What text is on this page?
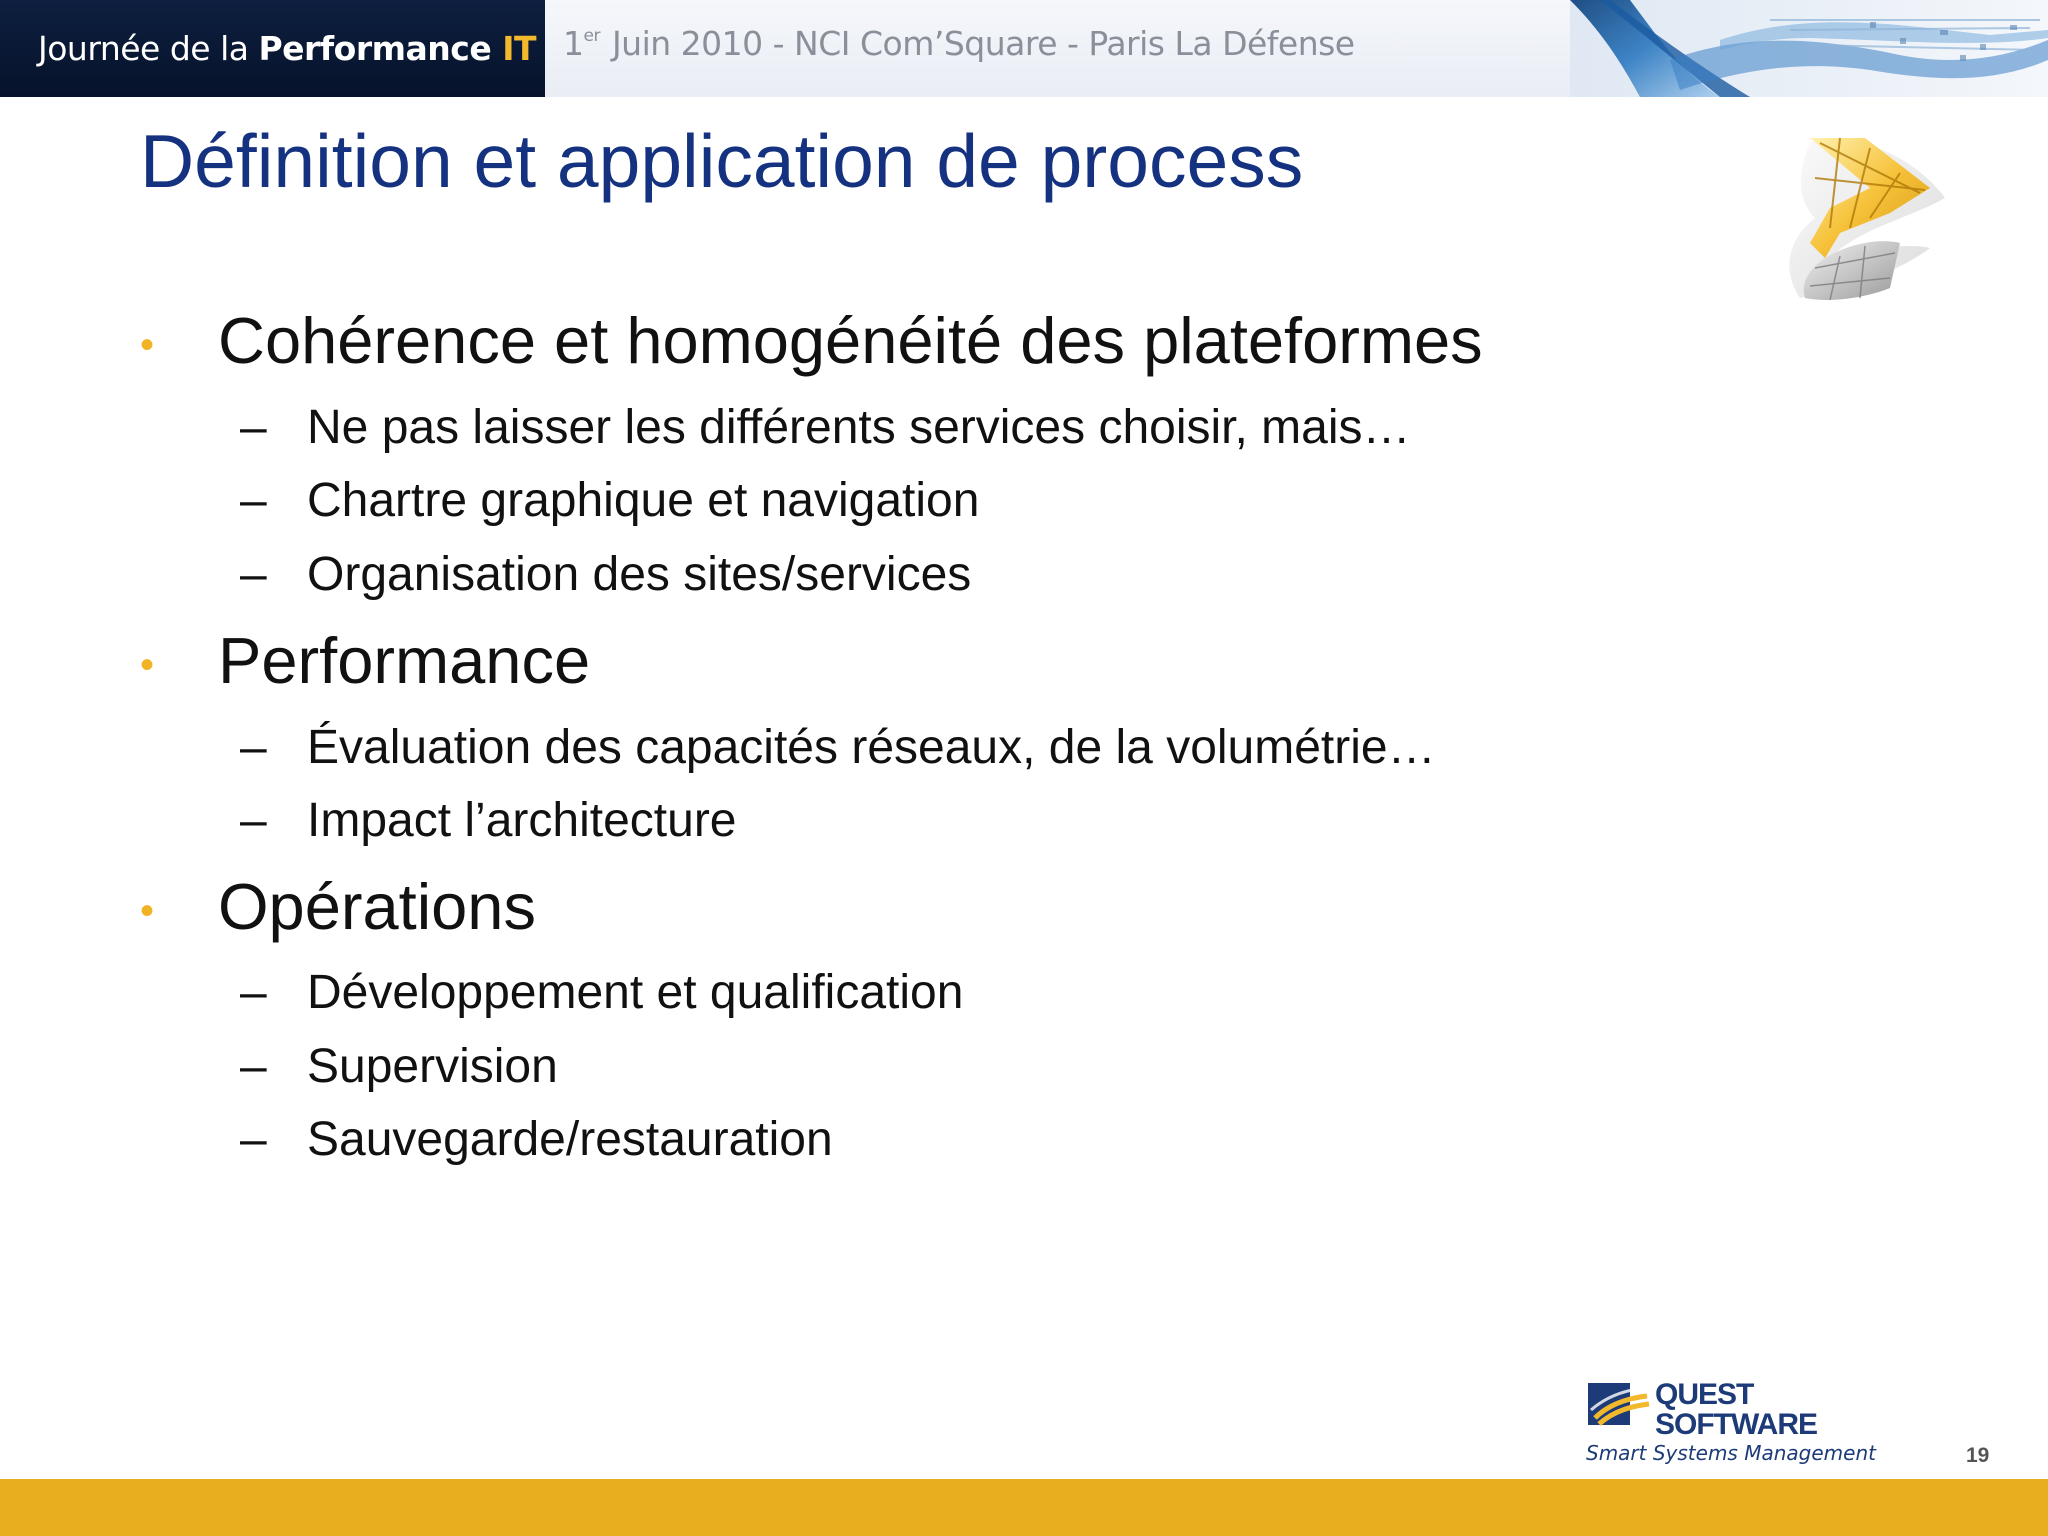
Journée de la Performance IT 1er Juin 2010 - NCI Com’Square - Paris La Défense
Définition et application de process
• Cohérence et homogénéité des plateformes
– Ne pas laisser les différents services choisir, mais…
– Chartre graphique et navigation
– Organisation des sites/services
• Performance
– Évaluation des capacités réseaux, de la volumétrie…
– Impact l’architecture
• Opérations
– Développement et qualification
– Supervision
– Sauvegarde/restauration
QUEST
SOFTWARE
Smart Systems Management	19
